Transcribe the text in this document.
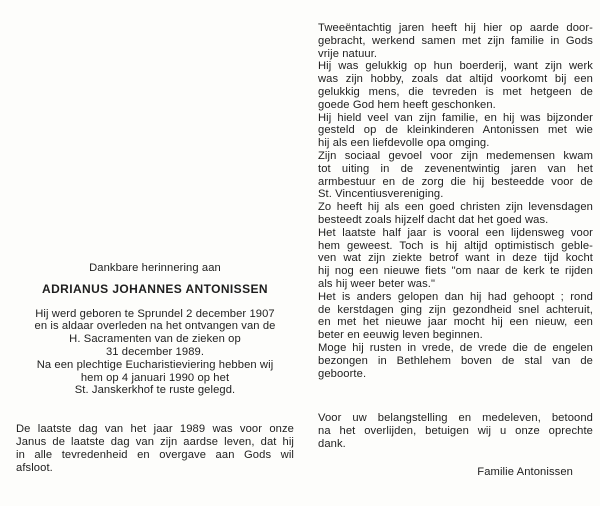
Dankbare herinnering aan
ADRIANUS JOHANNES ANTONISSEN
Hij werd geboren te Sprundel 2 december 1907
en is aldaar overleden na het ontvangen van de
H. Sacramenten van de zieken op
31 december 1989.
Na een plechtige Eucharistieviering hebben wij
hem op 4 januari 1990 op het
St. Janskerkhof te ruste gelegd.
De laatste dag van het jaar 1989 was voor onze
Janus de laatste dag van zijn aardse leven, dat hij
in alle tevredenheid en overgave aan Gods wil
afsloot.
Tweeëntachtig jaren heeft hij hier op aarde door-
gebracht, werkend samen met zijn familie in Gods
vrije natuur.
Hij was gelukkig op hun boerderij, want zijn werk
was zijn hobby, zoals dat altijd voorkomt bij een
gelukkig mens, die tevreden is met hetgeen de
goede God hem heeft geschonken.
Hij hield veel van zijn familie, en hij was bijzonder
gesteld op de kleinkinderen Antonissen met wie
hij als een liefdevolle opa omging.
Zijn sociaal gevoel voor zijn medemensen kwam
tot uiting in de zevenentwintig jaren van het
armbestuur en de zorg die hij besteedde voor de
St. Vincentiusvereniging.
Zo heeft hij als een goed christen zijn levensdagen
besteedt zoals hijzelf dacht dat het goed was.
Het laatste half jaar is vooral een lijdensweg voor
hem geweest. Toch is hij altijd optimistisch geble-
ven wat zijn ziekte betrof want in deze tijd kocht
hij nog een nieuwe fiets "om naar de kerk te rijden
als hij weer beter was."
Het is anders gelopen dan hij had gehoopt ; rond
de kerstdagen ging zijn gezondheid snel achteruit,
en met het nieuwe jaar mocht hij een nieuw, een
beter en eeuwig leven beginnen.
Moge hij rusten in vrede, de vrede die de engelen
bezongen in Bethlehem boven de stal van de
geboorte.
Voor uw belangstelling en medeleven, betoond
na het overlijden, betuigen wij u onze oprechte
dank.
Familie Antonissen
